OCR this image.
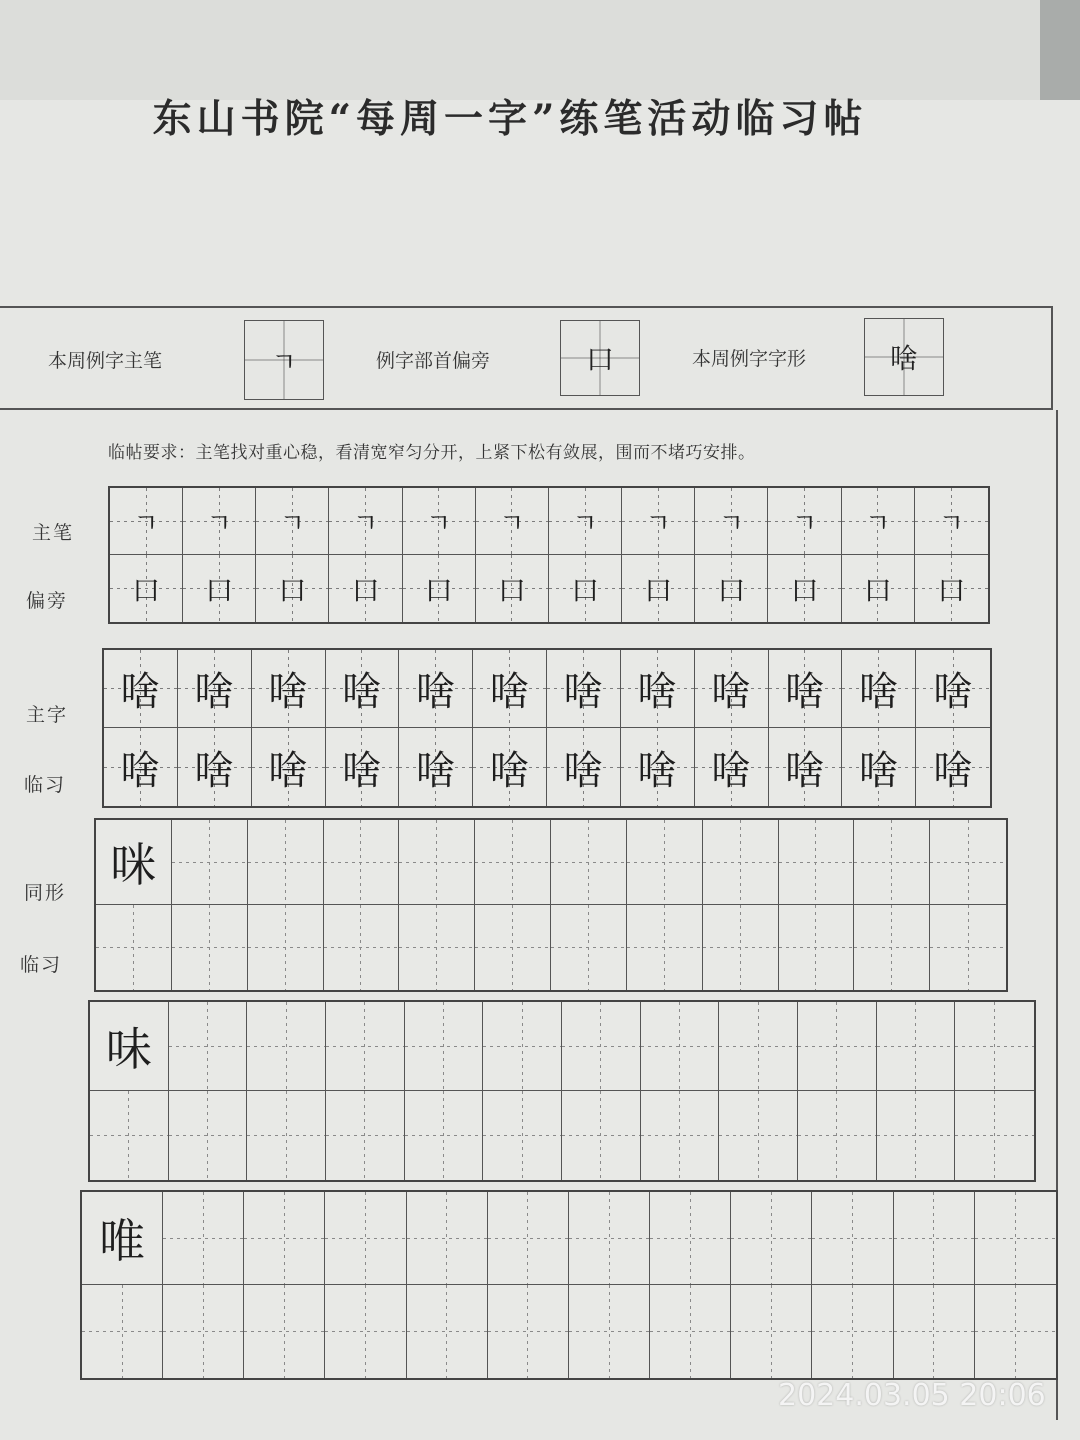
东山书院“每周一字”练笔活动临习帖
本周例字主笔	ㄱ	例字部首偏旁	口	本周例字字形	啥
临帖要求：主笔找对重心稳，看清宽窄匀分开，上紧下松有敛展，围而不堵巧安排。
主笔
偏旁
主字
临习
同形
临习
ㄱ ㄱ ㄱ ㄱ ㄱ ㄱ ㄱ ㄱ ㄱ ㄱ ㄱ ㄱ
口 口 口 口 口 口 口 口 口 口 口 口
啥 啥 啥 啥 啥 啥 啥 啥 啥 啥 啥 啥
啥 啥 啥 啥 啥 啥 啥 啥 啥 啥 啥 啥
咪
味
唯
2024.03.05 20:06
